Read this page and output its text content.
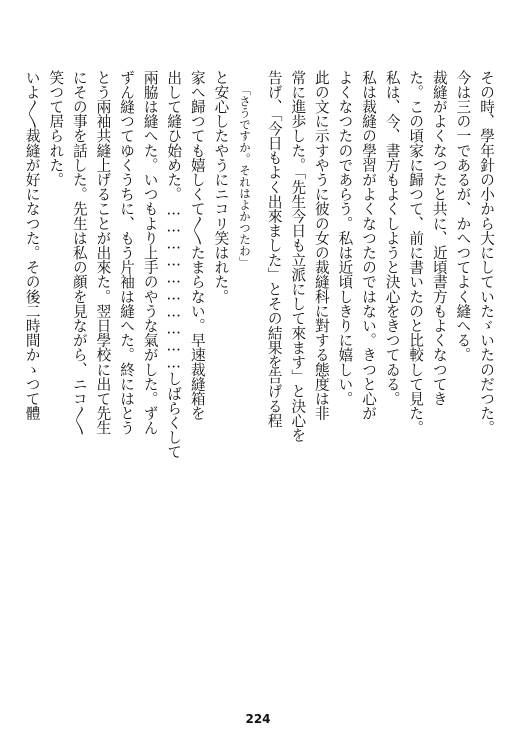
その時、學年針の小から大にしていたゞいたのだつた。
今は三の一であるが、かへつてよく縫へる。
裁縫がよくなつたと共に、近頃書方もよくなつてき
た。この頃家に歸つて、前に書いたのと比較して見た。
私は、今、書方もよくしようと決心をきつてゐる。
私は裁縫の學習がよくなつたのではない。きつと心が
よくなつたのであらう。私は近頃しきりに嬉しい。
此の文に示すやうに彼の女の裁縫科に對する態度は非
常に進歩した。「先生今日も立派にして來ます」と決心を
告げ、「今日もよく出來ました」とその結果を告げる程
「さうですか。それはよかつたわ」
と安心したやうにニコリ笑はれた。
家へ歸つても嬉しくて〳〵たまらない。早速裁縫箱を
出して縫ひ始めた。…………………………しばらくして
兩脇は縫へた。いつもより上手のやうな氣がした。ずん
ずん縫つてゆくうちに、もう片袖は縫へた。終にはとう
とう兩袖共縫上げることが出來た。翌日學校に出て先生
にその事を話した。先生は私の顔を見ながら、ニコ〳〵
笑つて居られた。
いよ〳〵裁縫が好になつた。その後二時間かゝつて體
224
